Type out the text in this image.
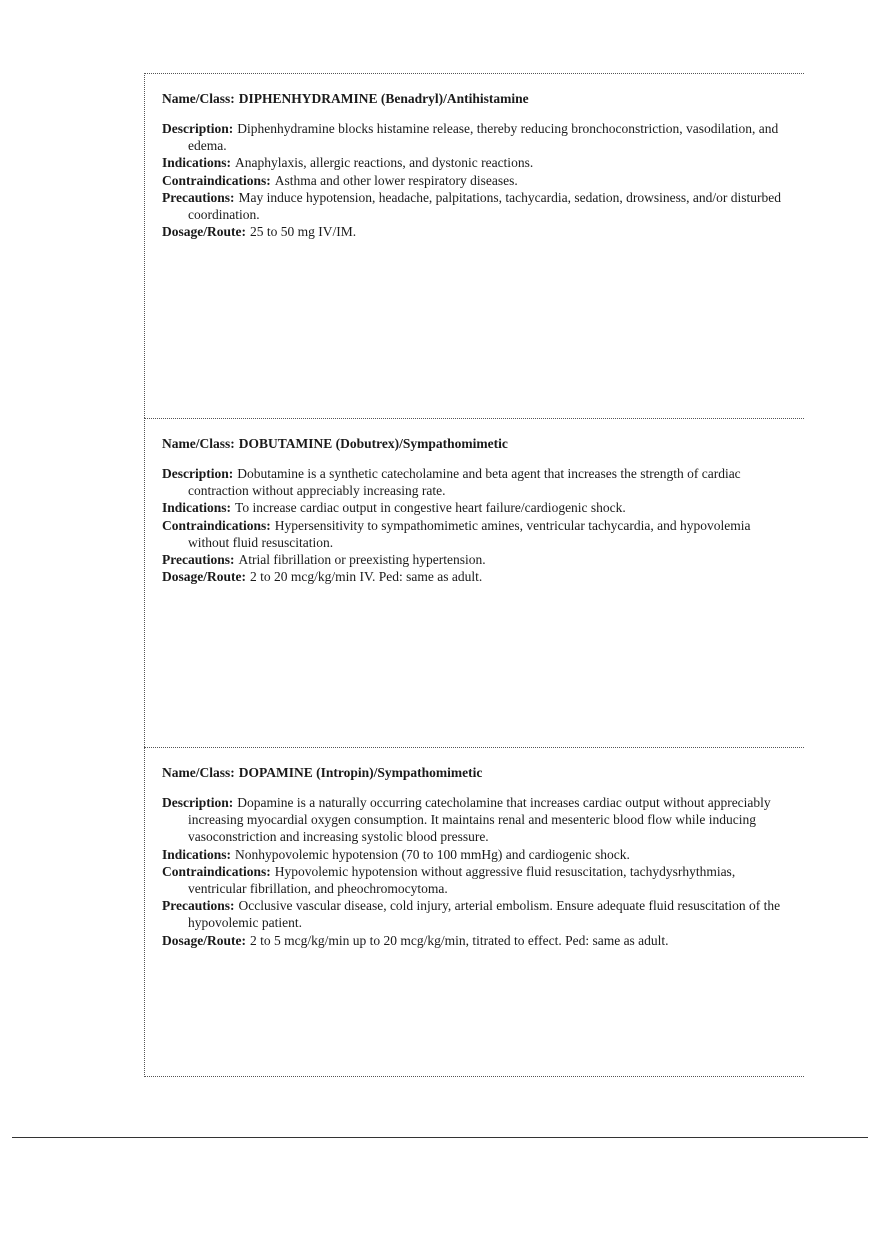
Name/Class: DIPHENHYDRAMINE (Benadryl)/Antihistamine

Description: Diphenhydramine blocks histamine release, thereby reducing bronchoconstriction, vasodilation, and edema.

Indications: Anaphylaxis, allergic reactions, and dystonic reactions.

Contraindications: Asthma and other lower respiratory diseases.

Precautions: May induce hypotension, headache, palpitations, tachycardia, sedation, drowsiness, and/or disturbed coordination.

Dosage/Route: 25 to 50 mg IV/IM.

Name/Class: DOBUTAMINE (Dobutrex)/Sympathomimetic

Description: Dobutamine is a synthetic catecholamine and beta agent that increases the strength of cardiac contraction without appreciably increasing rate.

Indications: To increase cardiac output in congestive heart failure/cardiogenic shock.

Contraindications: Hypersensitivity to sympathomimetic amines, ventricular tachycardia, and hypovolemia without fluid resuscitation.

Precautions: Atrial fibrillation or preexisting hypertension.

Dosage/Route: 2 to 20 mcg/kg/min IV. Ped: same as adult.

Name/Class: DOPAMINE (Intropin)/Sympathomimetic

Description: Dopamine is a naturally occurring catecholamine that increases cardiac output without appreciably increasing myocardial oxygen consumption. It maintains renal and mesenteric blood flow while inducing vasoconstriction and increasing systolic blood pressure.

Indications: Nonhypovolemic hypotension (70 to 100 mmHg) and cardiogenic shock.

Contraindications: Hypovolemic hypotension without aggressive fluid resuscitation, tachydysrhythmias, ventricular fibrillation, and pheochromocytoma.

Precautions: Occlusive vascular disease, cold injury, arterial embolism. Ensure adequate fluid resuscitation of the hypovolemic patient.

Dosage/Route: 2 to 5 mcg/kg/min up to 20 mcg/kg/min, titrated to effect. Ped: same as adult.
